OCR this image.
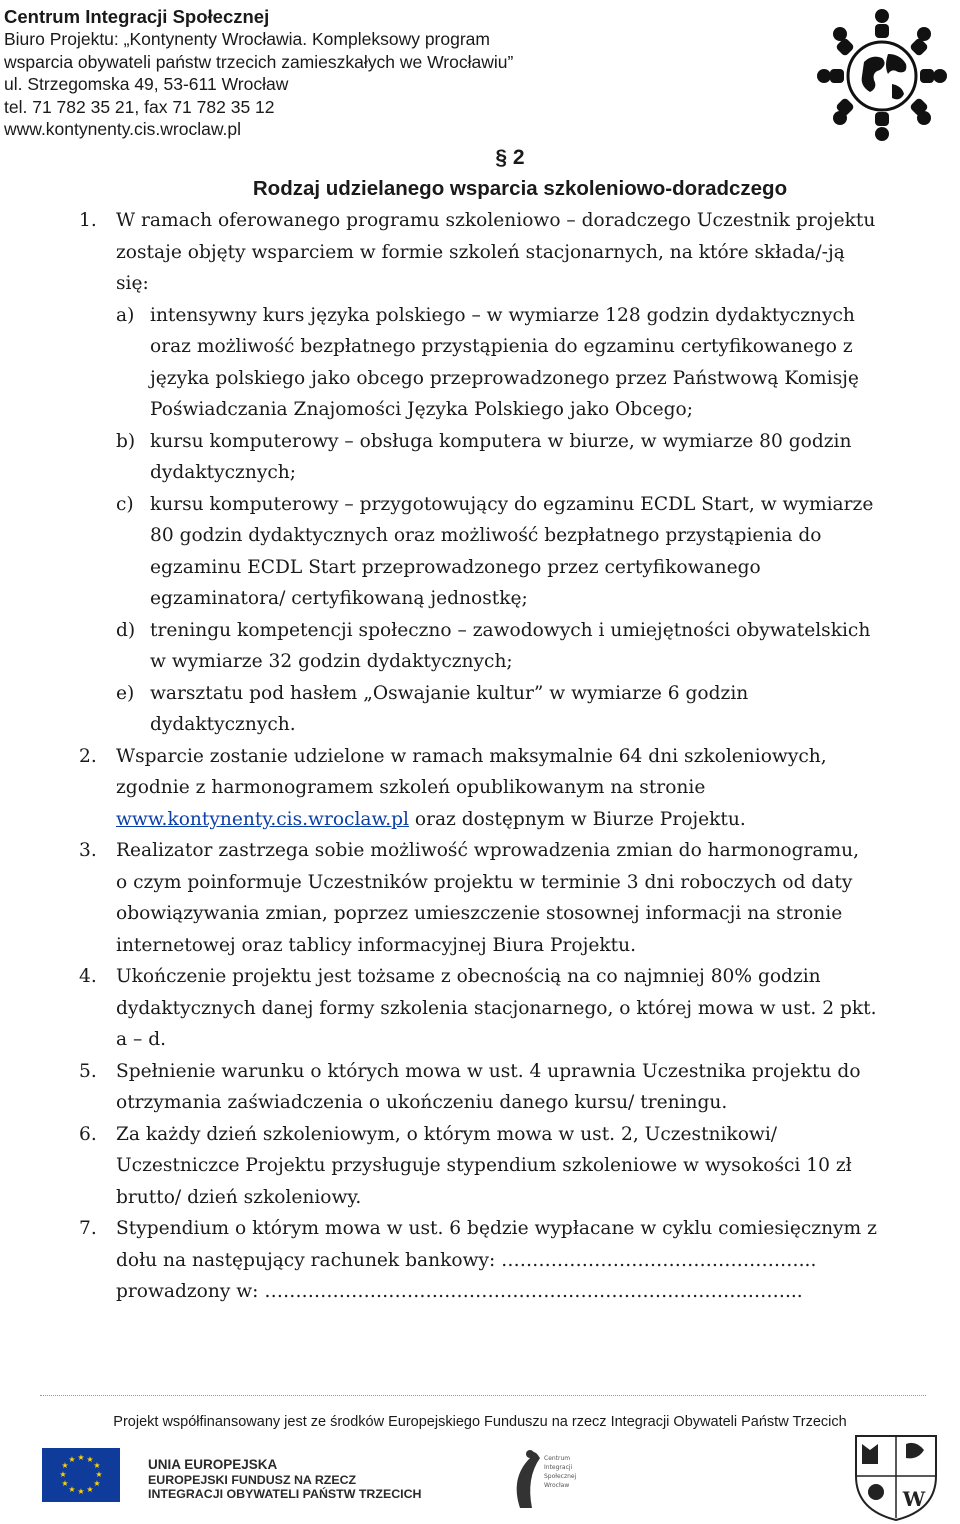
Centrum Integracji Społecznej
Biuro Projektu: „Kontynenty Wrocławia. Kompleksowy program
wsparcia obywateli państw trzecich zamieszkałych we Wrocławiu”
ul. Strzegomska 49, 53-611 Wrocław
tel. 71 782 35 21, fax 71 782 35 12
www.kontynenty.cis.wroclaw.pl
§ 2
Rodzaj udzielanego wsparcia szkoleniowo-doradczego
1.	W ramach oferowanego programu szkoleniowo – doradczego Uczestnik projektu
zostaje objęty wsparciem w formie szkoleń stacjonarnych, na które składa/-ją
się:
a) intensywny kurs języka polskiego – w wymiarze 128 godzin dydaktycznych
oraz możliwość bezpłatnego przystąpienia do egzaminu certyfikowanego z
języka polskiego jako obcego przeprowadzonego przez Państwową Komisję
Poświadczania Znajomości Języka Polskiego jako Obcego;
b) kursu komputerowy – obsługa komputera w biurze, w wymiarze 80 godzin
dydaktycznych;
c) kursu komputerowy – przygotowujący do egzaminu ECDL Start, w wymiarze
80 godzin dydaktycznych oraz możliwość bezpłatnego przystąpienia do
egzaminu ECDL Start przeprowadzonego przez certyfikowanego
egzaminatora/ certyfikowaną jednostkę;
d) treningu kompetencji społeczno – zawodowych i umiejętności obywatelskich
w wymiarze 32 godzin dydaktycznych;
e) warsztatu pod hasłem „Oswajanie kultur” w wymiarze 6 godzin
dydaktycznych.
2.	Wsparcie zostanie udzielone w ramach maksymalnie 64 dni szkoleniowych,
zgodnie z harmonogramem szkoleń opublikowanym na stronie
www.kontynenty.cis.wroclaw.pl oraz dostępnym w Biurze Projektu.
3.	Realizator zastrzega sobie możliwość wprowadzenia zmian do harmonogramu,
o czym poinformuje Uczestników projektu w terminie 3 dni roboczych od daty
obowiązywania zmian, poprzez umieszczenie stosownej informacji na stronie
internetowej oraz tablicy informacyjnej Biura Projektu.
4.	Ukończenie projektu jest tożsame z obecnością na co najmniej 80% godzin
dydaktycznych danej formy szkolenia stacjonarnego, o której mowa w ust. 2 pkt.
a – d.
5.	Spełnienie warunku o których mowa w ust. 4 uprawnia Uczestnika projektu do
otrzymania zaświadczenia o ukończeniu danego kursu/ treningu.
6.	Za każdy dzień szkoleniowym, o którym mowa w ust. 2, Uczestnikowi/
Uczestniczce Projektu przysługuje stypendium szkoleniowe w wysokości 10 zł
brutto/ dzień szkoleniowy.
7.	Stypendium o którym mowa w ust. 6 będzie wypłacane w cyklu comiesięcznym z
dołu na następujący rachunek bankowy: …………………………………………...
prowadzony w: …………………………………………………………………………...
Projekt współfinansowany jest ze środków Europejskiego Funduszu na rzecz Integracji Obywateli Państw Trzecich
★ ★
★
★
★
★
★
★
★
★
★
★	UNIA EUROPEJSKA
EUROPEJSKI FUNDUSZ NA RZECZ
INTEGRACJI OBYWATELI PAŃSTW TRZECICH
Centrum
Integracji
Społecznej
Wrocław
W
